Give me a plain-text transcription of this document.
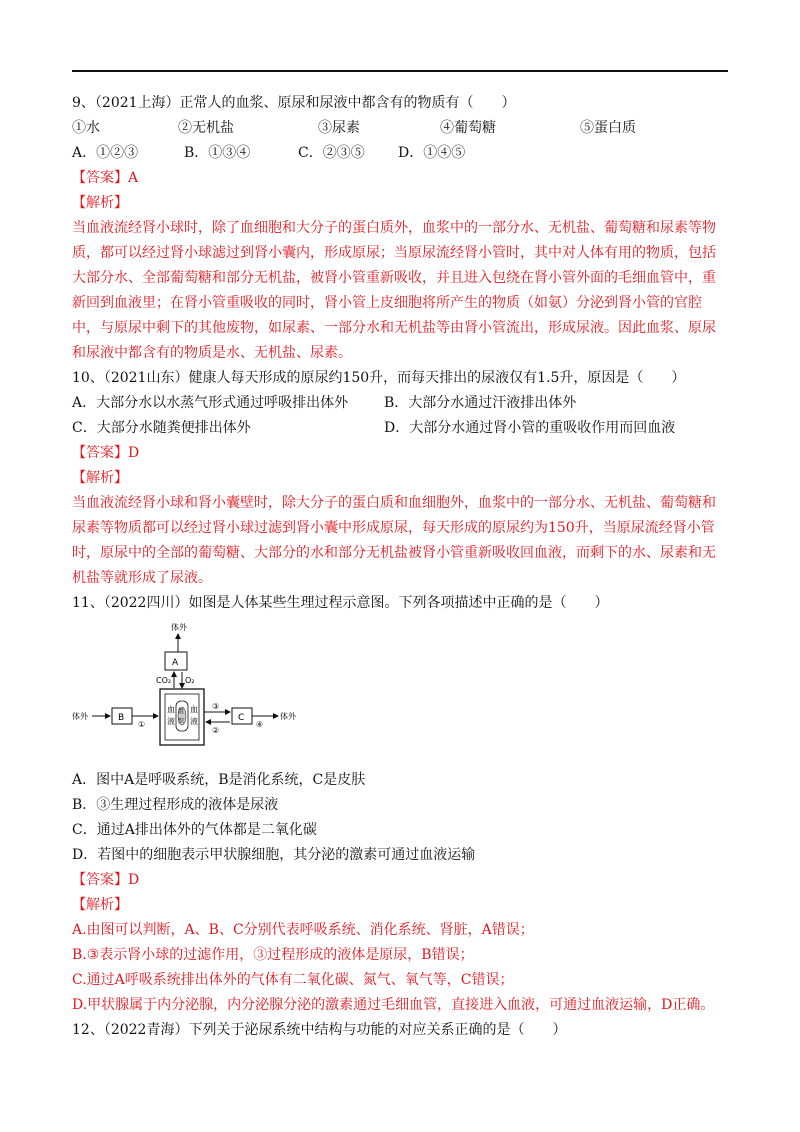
9、（2021上海）正常人的血浆、原尿和尿液中都含有的物质有（　　）
①水	②无机盐	③尿素	④葡萄糖	⑤蛋白质
A．①②③	B．①③④	C．②③⑤ D．①④⑤
【答案】A
【解析】
当血液流经肾小球时，除了血细胞和大分子的蛋白质外，血浆中的一部分水、无机盐、葡萄糖和尿素等物
质，都可以经过肾小球滤过到肾小囊内，形成原尿；当原尿流经肾小管时，其中对人体有用的物质，包括
大部分水、全部葡萄糖和部分无机盐，被肾小管重新吸收，并且进入包绕在肾小管外面的毛细血管中，重
新回到血液里；在肾小管重吸收的同时，肾小管上皮细胞将所产生的物质（如氨）分泌到肾小管的官腔
中，与原尿中剩下的其他废物，如尿素、一部分水和无机盐等由肾小管流出，形成尿液。因此血浆、原尿
和尿液中都含有的物质是水、无机盐、尿素。
10、（2021山东）健康人每天形成的原尿约150升，而每天排出的尿液仅有1.5升，原因是（　　）
A．大部分水以水蒸气形式通过呼吸排出体外	B．大部分水通过汗液排出体外
C．大部分水随粪便排出体外	D．大部分水通过肾小管的重吸收作用而回血液
【答案】D
【解析】
当血液流经肾小球和肾小囊壁时，除大分子的蛋白质和血细胞外，血浆中的一部分水、无机盐、葡萄糖和
尿素等物质都可以经过肾小球过滤到肾小囊中形成原尿，每天形成的原尿约为150升，当原尿流经肾小管
时，原尿中的全部的葡萄糖、大部分的水和部分无机盐被肾小管重新吸收回血液，而剩下的水、尿素和无
机盐等就形成了尿液。
11、（2022四川）如图是人体某些生理过程示意图。下列各项描述中正确的是（　　）
体外
A
CO₂ O₂
血
液
血
液
组
织
体外	B
①
③
②
C
④
体外
A．图中A是呼吸系统，B是消化系统，C是皮肤
B．③生理过程形成的液体是尿液
C．通过A排出体外的气体都是二氧化碳
D．若图中的细胞表示甲状腺细胞，其分泌的激素可通过血液运输
【答案】D
【解析】
A.由图可以判断，A、B、C分别代表呼吸系统、消化系统、肾脏，A错误；
B.③表示肾小球的过滤作用，③过程形成的液体是原尿，B错误；
C.通过A呼吸系统排出体外的气体有二氧化碳、氮气、氧气等，C错误；
D.甲状腺属于内分泌腺，内分泌腺分泌的激素通过毛细血管，直接进入血液，可通过血液运输，D正确。
12、（2022青海）下列关于泌尿系统中结构与功能的对应关系正确的是（　　）
